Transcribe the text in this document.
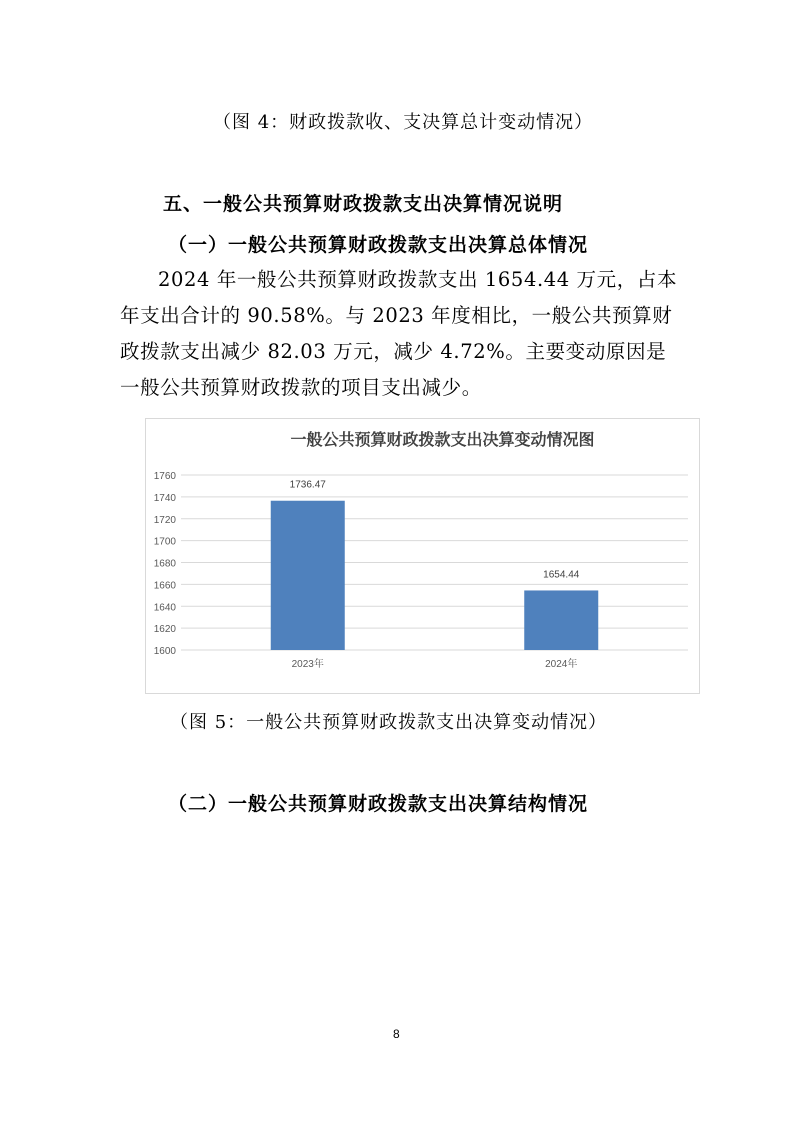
（图 4：财政拨款收、支决算总计变动情况）
五、一般公共预算财政拨款支出决算情况说明
（一）一般公共预算财政拨款支出决算总体情况

2024 年一般公共预算财政拨款支出 1654.44 万元，占本

年支出合计的 90.58%。与 2023 年度相比，一般公共预算财

政拨款支出减少 82.03 万元，减少 4.72%。主要变动原因是

一般公共预算财政拨款的项目支出减少。

一般公共预算财政拨款支出决算变动情况图
1600
1620
1640
1660
1680
1700
1720
1740
1760
1736.47
2023年
1654.44
2024年
（图 5：一般公共预算财政拨款支出决算变动情况）
（二）一般公共预算财政拨款支出决算结构情况
8
